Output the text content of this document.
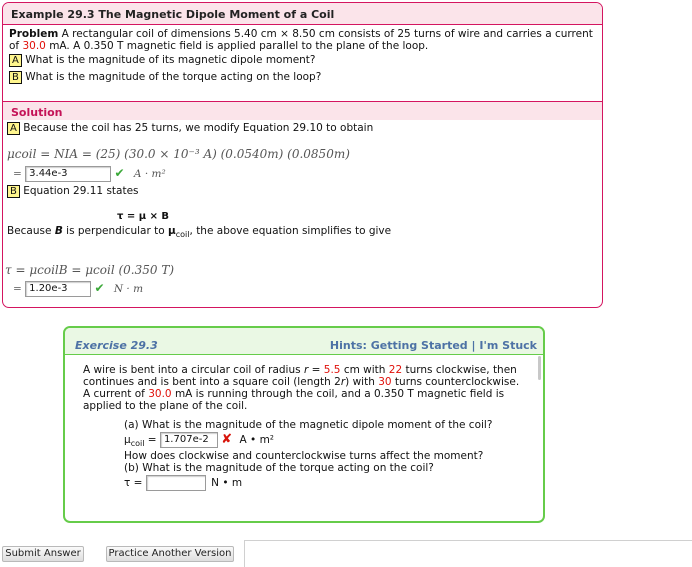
Example 29.3 The Magnetic Dipole Moment of a Coil
Problem A rectangular coil of dimensions 5.40 cm × 8.50 cm consists of 25 turns of wire and carries a current
of 30.0 mA. A 0.350 T magnetic field is applied parallel to the plane of the loop.
A What is the magnitude of its magnetic dipole moment?
B What is the magnitude of the torque acting on the loop?
Solution
A Because the coil has 25 turns, we modify Equation 29.10 to obtain
μcoil = NIA = (25) (30.0 × 10⁻³ A) (0.0540m) (0.0850m)
= 3.44e-3	✔ A · m²
B Equation 29.11 states
τ = μ × B
Because B is perpendicular to $\mu_{coil}$, the above equation simplifies to give
τ = μcoilB = μcoil (0.350 T)
= 1.20e-3 ✔ N · m
Exercise 29.3	Hints: Getting Started | I'm Stuck
A wire is bent into a circular coil of radius r = 5.5 cm with 22 turns clockwise, then
continues and is bent into a square coil (length 2r) with 30 turns counterclockwise.
A current of 30.0 mA is running through the coil, and a 0.350 T magnetic field is
applied to the plane of the coil.
(a) What is the magnitude of the magnetic dipole moment of the coil?
$\mu_{coil} = 1.707e-2$ ✘ A • m²
How does clockwise and counterclockwise turns affect the moment?
(b) What is the magnitude of the torque acting on the coil?
τ =	N • m
Submit Answer	Practice Another Version
